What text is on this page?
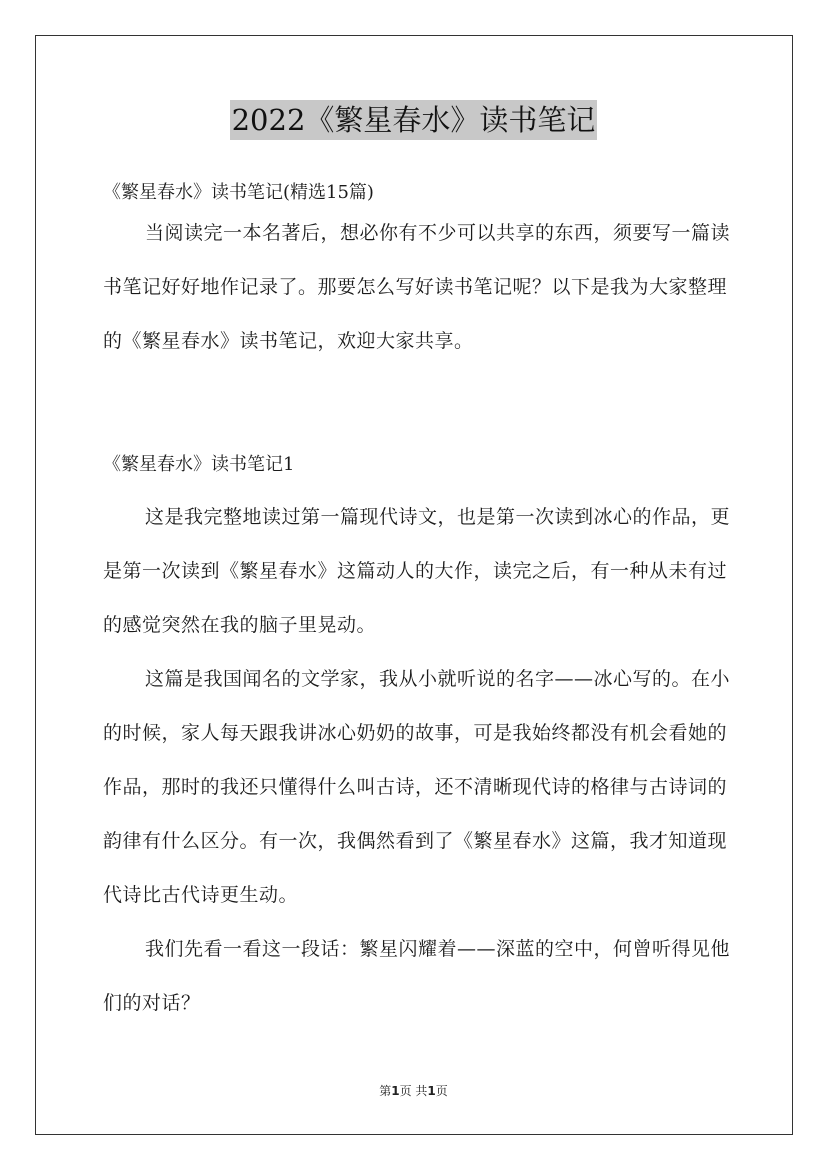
2022《繁星春水》读书笔记
《繁星春水》读书笔记(精选15篇)

当阅读完一本名著后，想必你有不少可以共享的东西，须要写一篇读书笔记好好地作记录了。那要怎么写好读书笔记呢？以下是我为大家整理的《繁星春水》读书笔记，欢迎大家共享。

《繁星春水》读书笔记1

这是我完整地读过第一篇现代诗文，也是第一次读到冰心的作品，更是第一次读到《繁星春水》这篇动人的大作，读完之后，有一种从未有过的感觉突然在我的脑子里晃动。

这篇是我国闻名的文学家，我从小就听说的名字——冰心写的。在小的时候，家人每天跟我讲冰心奶奶的故事，可是我始终都没有机会看她的作品，那时的我还只懂得什么叫古诗，还不清晰现代诗的格律与古诗词的韵律有什么区分。有一次，我偶然看到了《繁星春水》这篇，我才知道现代诗比古代诗更生动。

我们先看一看这一段话：繁星闪耀着——深蓝的空中，何曾听得见他们的对话？

第1页 共1页
